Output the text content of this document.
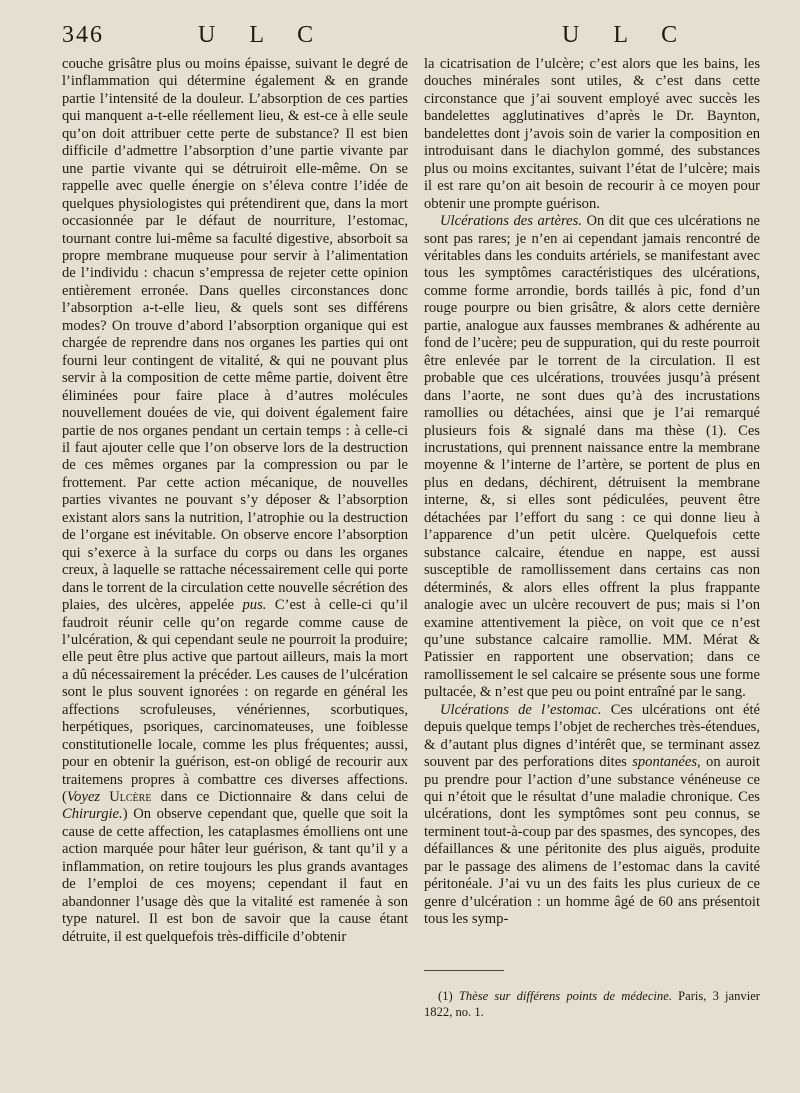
346	U L C	U L C

couche grisâtre plus ou moins épaisse, suivant le degré de l’inflammation qui détermine également & en grande partie l’intensité de la douleur. L’absorption de ces parties qui manquent a-t-elle réellement lieu, & est-ce à elle seule qu’on doit attribuer cette perte de substance? Il est bien difficile d’admettre l’absorption d’une partie vivante par une partie vivante qui se détruiroit elle-même. On se rappelle avec quelle énergie on s’éleva contre l’idée de quelques physiologistes qui prétendirent que, dans la mort occasionnée par le défaut de nourriture, l’estomac, tournant contre lui-même sa faculté digestive, absorboit sa propre membrane muqueuse pour servir à l’alimentation de l’individu : chacun s’empressa de rejeter cette opinion entièrement erronée. Dans quelles circonstances donc l’absorption a-t-elle lieu, & quels sont ses différens modes? On trouve d’abord l’absorption organique qui est chargée de reprendre dans nos organes les parties qui ont fourni leur contingent de vitalité, & qui ne pouvant plus servir à la composition de cette même partie, doivent être éliminées pour faire place à d’autres molécules nouvellement douées de vie, qui doivent également faire partie de nos organes pendant un certain temps : à celle-ci il faut ajouter celle que l’on observe lors de la destruction de ces mêmes organes par la compression ou par le frottement. Par cette action mécanique, de nouvelles parties vivantes ne pouvant s’y déposer & l’absorption existant alors sans la nutrition, l’atrophie ou la destruction de l’organe est inévitable. On observe encore l’absorption qui s’exerce à la surface du corps ou dans les organes creux, à laquelle se rattache nécessairement celle qui porte dans le torrent de la circulation cette nouvelle sécrétion des plaies, des ulcères, appelée pus. C’est à celle-ci qu’il faudroit réunir celle qu’on regarde comme cause de l’ulcération, & qui cependant seule ne pourroit la produire; elle peut être plus active que partout ailleurs, mais la mort a dû nécessairement la précéder. Les causes de l’ulcération sont le plus souvent ignorées : on regarde en général les affections scrofuleuses, vénériennes, scorbutiques, herpétiques, psoriques, carcinomateuses, une foiblesse constitutionelle locale, comme les plus fréquentes; aussi, pour en obtenir la guérison, est-on obligé de recourir aux traitemens propres à combattre ces diverses affections. (Voyez Ulcère dans ce Dictionnaire & dans celui de Chirurgie.) On observe cependant que, quelle que soit la cause de cette affection, les cataplasmes émolliens ont une action marquée pour hâter leur guérison, & tant qu’il y a inflammation, on retire toujours les plus grands avantages de l’emploi de ces moyens; cependant il faut en abandonner l’usage dès que la vitalité est ramenée à son type naturel. Il est bon de savoir que la cause étant détruite, il est quelquefois très-difficile d’obtenir

la cicatrisation de l’ulcère; c’est alors que les bains, les douches minérales sont utiles, & c’est dans cette circonstance que j’ai souvent employé avec succès les bandelettes agglutinatives d’après le Dr. Baynton, bandelettes dont j’avois soin de varier la composition en introduisant dans le diachylon gommé, des substances plus ou moins excitantes, suivant l’état de l’ulcère; mais il est rare qu’on ait besoin de recourir à ce moyen pour obtenir une prompte guérison.

Ulcérations des artères. On dit que ces ulcérations ne sont pas rares; je n’en ai cependant jamais rencontré de véritables dans les conduits artériels, se manifestant avec tous les symptômes caractéristiques des ulcérations, comme forme arrondie, bords taillés à pic, fond d’un rouge pourpre ou bien grisâtre, & alors cette dernière partie, analogue aux fausses membranes & adhérente au fond de l’ucère; peu de suppuration, qui du reste pourroit être enlevée par le torrent de la circulation. Il est probable que ces ulcérations, trouvées jusqu’à présent dans l’aorte, ne sont dues qu’à des incrustations ramollies ou détachées, ainsi que je l’ai remarqué plusieurs fois & signalé dans ma thèse (1). Ces incrustations, qui prennent naissance entre la membrane moyenne & l’interne de l’artère, se portent de plus en plus en dedans, déchirent, détruisent la membrane interne, &, si elles sont pédiculées, peuvent être détachées par l’effort du sang : ce qui donne lieu à l’apparence d’un petit ulcère. Quelquefois cette substance calcaire, étendue en nappe, est aussi susceptible de ramollissement dans certains cas non déterminés, & alors elles offrent la plus frappante analogie avec un ulcère recouvert de pus; mais si l’on examine attentivement la pièce, on voit que ce n’est qu’une substance calcaire ramollie. MM. Mérat & Patissier en rapportent une observation; dans ce ramollissement le sel calcaire se présente sous une forme pultacée, & n’est que peu ou point entraîné par le sang.

Ulcérations de l’estomac. Ces ulcérations ont été depuis quelque temps l’objet de recherches très-étendues, & d’autant plus dignes d’intérêt que, se terminant assez souvent par des perforations dites spontanées, on auroit pu prendre pour l’action d’une substance vénéneuse ce qui n’étoit que le résultat d’une maladie chronique. Ces ulcérations, dont les symptômes sont peu connus, se terminent tout-à-coup par des spasmes, des syncopes, des défaillances & une péritonite des plus aiguës, produite par le passage des alimens de l’estomac dans la cavité péritonéale. J’ai vu un des faits les plus curieux de ce genre d’ulcération : un homme âgé de 60 ans présentoit tous les symp-

(1) Thèse sur différens points de médecine. Paris, 3 janvier 1822, no. 1.
